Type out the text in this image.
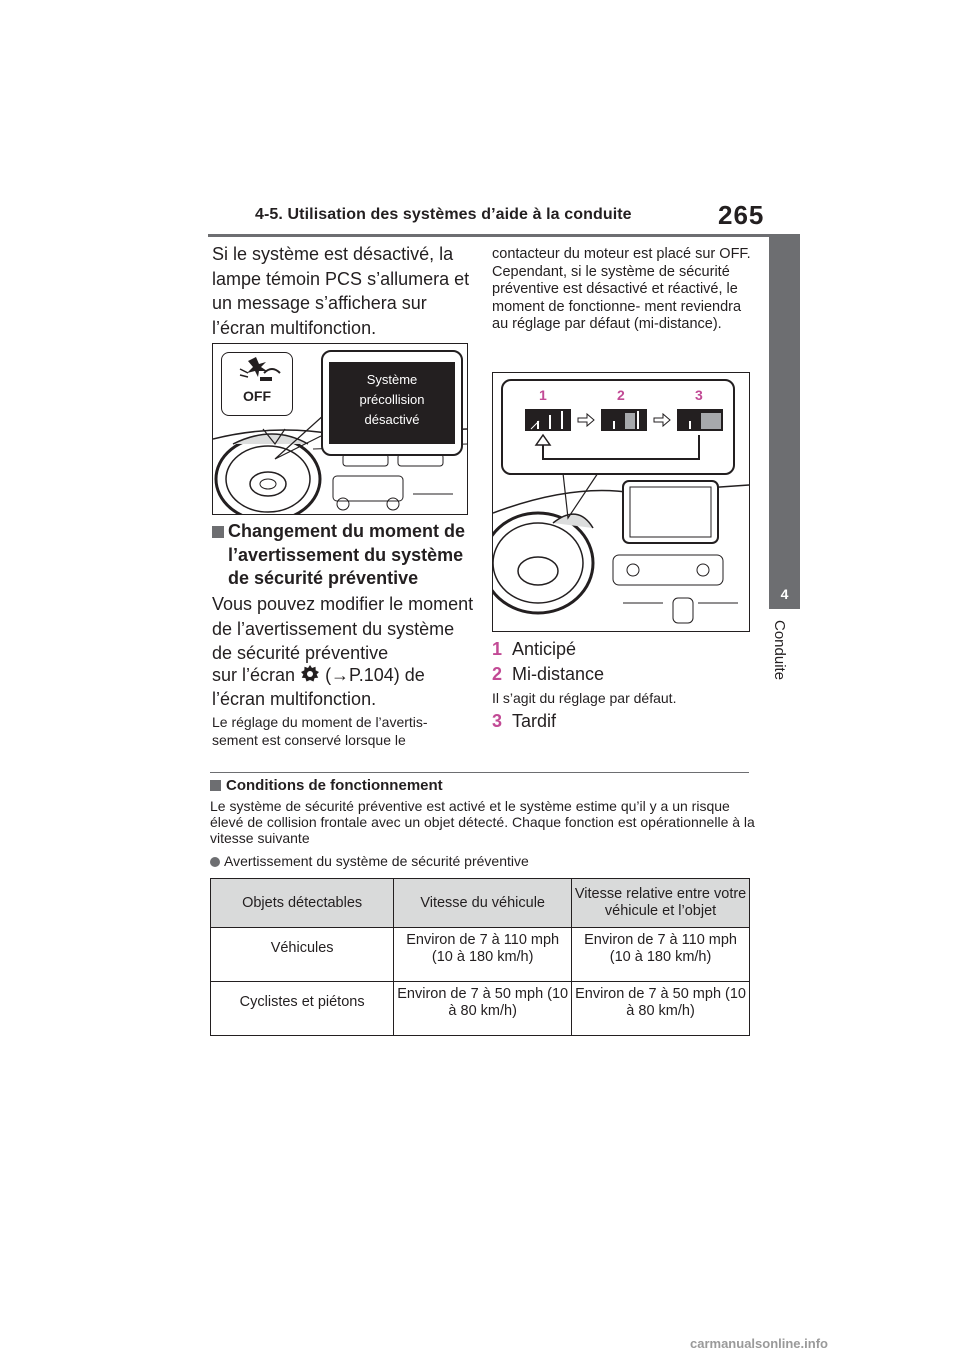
4-5. Utilisation des systèmes d’aide à la conduite	265
4
Conduite
Si le système est désactivé, la lampe témoin PCS s’allumera et un message s’affichera sur l’écran multifonction.
OFF
Système
précollision
désactivé
Changement du moment de l’avertissement du système de sécurité préventive
Vous pouvez modifier le moment de l’avertissement du système de sécurité préventive
sur l’écran (→P.104) de
l’écran multifonction.
Le réglage du moment de l’avertis- sement est conservé lorsque le
contacteur du moteur est placé sur OFF. Cependant, si le système de sécurité préventive est désactivé et réactivé, le moment de fonctionne- ment reviendra au réglage par défaut (mi-distance).
1	2	3
1 Anticipé
2 Mi-distance
Il s’agit du réglage par défaut.
3 Tardif
Conditions de fonctionnement
Le système de sécurité préventive est activé et le système estime qu’il y a un risque élevé de collision frontale avec un objet détecté. Chaque fonction est opérationnelle à la vitesse suivante
Avertissement du système de sécurité préventive
Objets détectables	Vitesse du véhicule	Vitesse relative entre votre véhicule et l’objet
Véhicules	Environ de 7 à 110 mph (10 à 180 km/h)	Environ de 7 à 110 mph (10 à 180 km/h)
Cyclistes et piétons	Environ de 7 à 50 mph (10 à 80 km/h)	Environ de 7 à 50 mph (10 à 80 km/h)
carmanualsonline.info
